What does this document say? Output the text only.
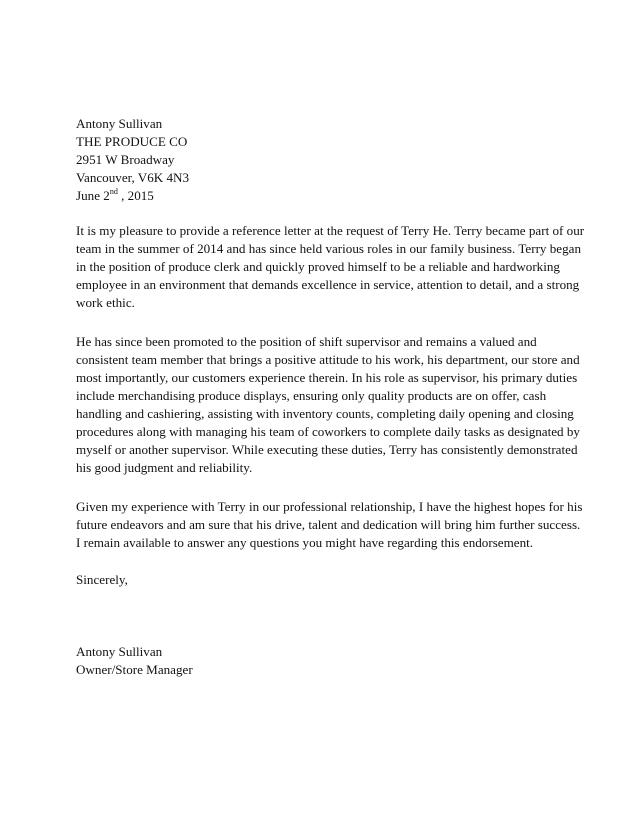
Antony Sullivan
THE PRODUCE CO
2951 W Broadway
Vancouver, V6K 4N3
June 2nd , 2015

It is my pleasure to provide a reference letter at the request of Terry He. Terry became part of our
team in the summer of 2014 and has since held various roles in our family business. Terry began
in the position of produce clerk and quickly proved himself to be a reliable and hardworking
employee in an environment that demands excellence in service, attention to detail, and a strong
work ethic.

He has since been promoted to the position of shift supervisor and remains a valued and
consistent team member that brings a positive attitude to his work, his department, our store and
most importantly, our customers experience therein. In his role as supervisor, his primary duties
include merchandising produce displays, ensuring only quality products are on offer, cash
handling and cashiering, assisting with inventory counts, completing daily opening and closing
procedures along with managing his team of coworkers to complete daily tasks as designated by
myself or another supervisor. While executing these duties, Terry has consistently demonstrated
his good judgment and reliability.

Given my experience with Terry in our professional relationship, I have the highest hopes for his
future endeavors and am sure that his drive, talent and dedication will bring him further success.
I remain available to answer any questions you might have regarding this endorsement.

Sincerely,
Antony Sullivan
Owner/Store Manager
